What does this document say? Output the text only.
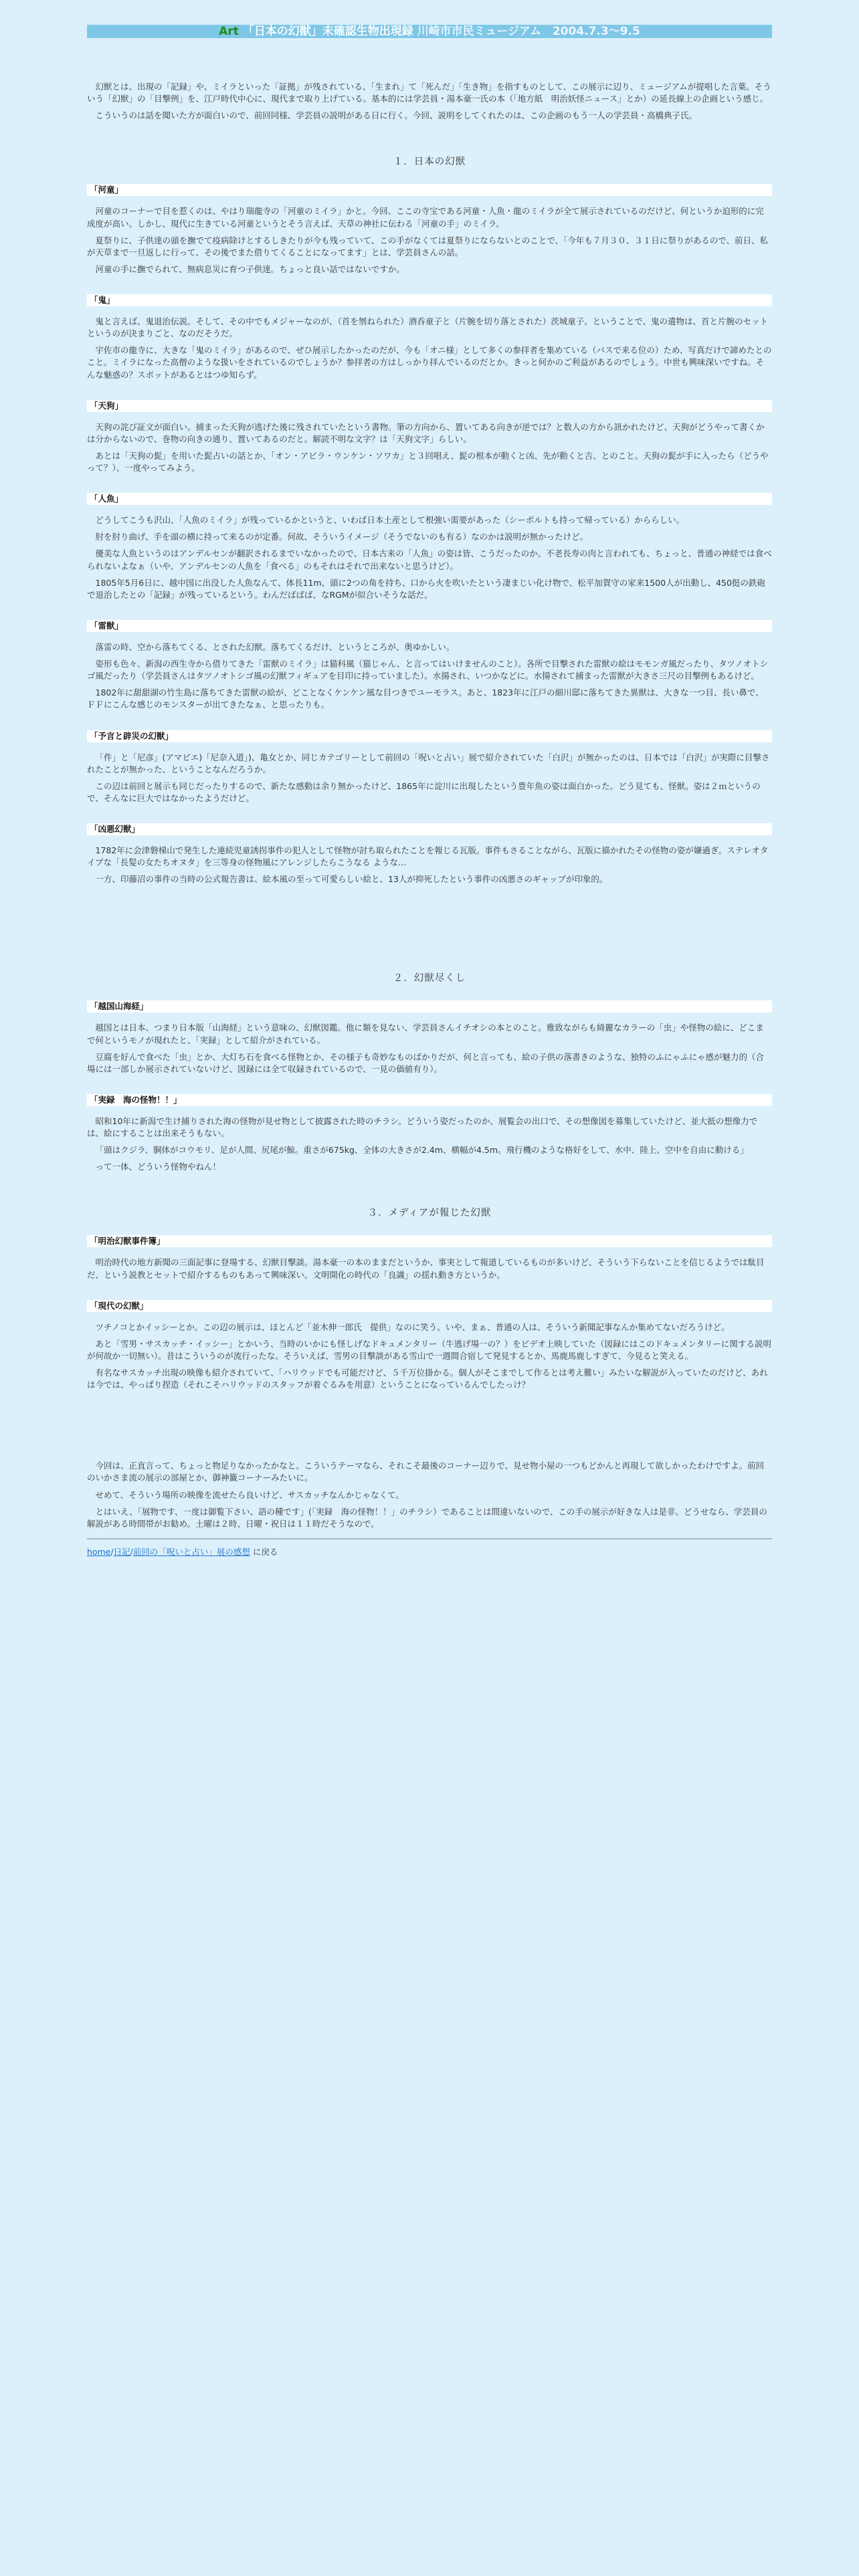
Art 「日本の幻獣」未確認生物出現録 川崎市市民ミュージアム　2004.7.3〜9.5

幻獣とは、出現の「記録」や、ミイラといった「証拠」が残されている、「生まれ」て「死んだ」「生き物」を指すものとして、この展示に辺り、ミュージアムが提唱した言葉。そういう「幻獣」の「目撃例」を、江戸時代中心に、現代まで取り上げている。基本的には学芸員・湯本豪一氏の本（「地方紙　明治妖怪ニュース」とか）の延長線上の企画という感じ。

こういうのは話を聞いた方が面白いので、前回同様、学芸員の説明がある日に行く。今回、説明をしてくれたのは、この企画のもう一人の学芸員・高橋典子氏。

１．日本の幻獣
「河童」

河童のコーナーで目を惹くのは、やはり瑞龍寺の「河童のミイラ」かと。今回、ここの寺宝である河童・人魚・龍のミイラが全て展示されているのだけど、何というか迫形的に完成度が高い。しかし、現代に生きている河童というとそう言えば、天草の神社に伝わる「河童の手」のミイラ。

夏祭りに、子供達の頭を撫でて疫病除けとするしきたりが今も残っていて、この手がなくては夏祭りにならないとのことで、「今年も７月３０、３１日に祭りがあるので、前日、私が天草まで一旦返しに行って、その後でまた借りてくることになってます」とは、学芸員さんの話。

河童の手に撫でられて、無病息災に育つ子供達。ちょっと良い話ではないですか。

「鬼」

鬼と言えば、鬼退治伝説。そして、その中でもメジャーなのが、（首を刎ねられた）酒呑童子と（片腕を切り落とされた）茨城童子。ということで、鬼の遺物は、首と片腕のセットというのが決まりごと、なのだそうだ。

宇佐市の龍寺に、大きな「鬼のミイラ」があるので、ぜひ展示したかったのだが、今も「オニ様」として多くの参拝者を集めている（バスで来る位の）ため、写真だけで諦めたとのこと。ミイラになった高僧のような扱いをされているのでしょうか？参拝者の方はしっかり拝んでいるのだとか。きっと何かのご利益があるのでしょう。中世も興味深いですね。そんな魅惑の？スポットがあるとはつゆ知らず。

「天狗」

天狗の詫び証文が面白い。捕まった天狗が逃げた後に残されていたという書物。筆の方向から、置いてある向きが逆では？と数人の方から訊かれたけど、天狗がどうやって書くかは分からないので、巻物の向きの通り、置いてあるのだと。解読不明な文字？は「天狗文字」らしい。

あとは「天狗の髭」を用いた髭占いの話とか、「オン・アビラ・ウンケン・ソワカ」と３回唱え、髭の根本が動くと凶、先が動くと吉、とのこと。天狗の髭が手に入ったら（どうやって？）、一度やってみよう。

「人魚」

どうしてこうも沢山、「人魚のミイラ」が残っているかというと、いわば日本土産として根強い需要があった（シーボルトも持って帰っている）かららしい。

肘を肘り曲げ、手を頭の横に持って来るのが定番。何故、そういうイメージ（そうでないのも有る）なのかは説明が無かったけど。

優美な人魚というのはアンデルセンが翻訳されるまでいなかったので、日本古来の「人魚」の姿は皆、こうだったのか。不老長寿の肉と言われても、ちょっと、普通の神経では食べられないよなぁ（いや、アンデルセンの人魚を「食べる」のもそれはそれで出来ないと思うけど）。

1805年5月6日に、越中国に出没した人魚なんて、体長11m、頭に2つの角を持ち、口から火を吹いたという凄まじい化け物で、松平加賀守の家来1500人が出動し、450挺の鉄砲で退治したとの「記録」が残っているという。わんだばばば、なRGMが似合いそうな話だ。

「雷獣」

落雷の時、空から落ちてくる、とされた幻獣。落ちてくるだけ、というところが、奥ゆかしい。

姿形も色々、新潟の西生寺から借りてきた「雷獣のミイラ」は猫科風（猫じゃん、と言ってはいけませんのこと）。各所で目撃された雷獣の絵はモモンガ風だったり、タツノオトシゴ風だったり（学芸員さんはタツノオトシゴ風の幻獣フィギュアを目印に持っていました）。水揚され、いつかなどに。水揚されて捕まった雷獣が大きさ三尺の目撃例もあるけど。

1802年に甜甜湖の竹生島に落ちてきた雷獣の絵が、どことなくケンケン風な目つきでユーモラス。あと、1823年に江戸の細川邸に落ちてきた異獣は、大きな一つ目、長い鼻で、ＦＦにこんな感じのモンスターが出てきたなぁ、と思ったりも。

「予言と辟災の幻獣」

「件」と「尼彦」(アマビエ)「尼奈入道」)、亀女とか、同じカテゴリーとして前回の「呪いと占い」展で紹介されていた「白沢」が無かったのは、日本では「白沢」が実際に目撃されたことが無かった、ということなんだろうか。

この辺は前回と展示も同じだったりするので、新たな感動は余り無かったけど、1865年に淀川に出現したという豊年魚の姿は面白かった。どう見ても、怪獣。姿は２ｍというので、そんなに巨大ではなかったようだけど。

「凶悪幻獣」

1782年に会津磐梯山で発生した連続児童誘拐事件の犯人として怪物が討ち取られたことを報じる瓦版。事件もさることながら、瓦版に描かれたその怪物の姿が嫌過ぎ。ステレオタイプな「長髪の女たちオヌタ」を三等身の怪物風にアレンジしたらこうなる ような…

一方、印藤沼の事件の当時の公式報告書は、絵本風の至って可愛らしい絵と、13人が抑死したという事件の凶悪さのギャップが印象的。

２．幻獣尽くし
「越国山海経」

越国とは日本、つまり日本版「山海経」という意味の、幻獣図鑑。他に類を見ない、学芸員さんイチオシの本とのこと。雅致ながらも綺麗なカラーの「虫」や怪物の絵に、どこまで何というモノが現れたと、「実録」として紹介がされている。

豆腐を好んで食べた「虫」とか、大灯ち石を食べる怪物とか、その様子も奇妙なものばかりだが、何と言っても、絵の子供の落書きのような、独特のふにゃふにゃ感が魅力的（合場には一部しか展示されていないけど、図録には全て収録されているので、一見の価値有り）。

「実録　海の怪物！！」

昭和10年に新潟で生け捕りされた海の怪物が見せ物として披露された時のチラシ。どういう姿だったのか、展覧会の出口で、その想像図を募集していたけど、並大抵の想像力では、絵にすることは出来そうもない。

「頭はクジラ、胴体がコウモリ、足が人間、尻尾が鯨。重さが675kg、全体の大きさが2.4m、横幅が4.5m。飛行機のような格好をして、水中、陸上、空中を自由に動ける」

って一体、どういう怪物やねん！

３．メディアが報じた幻獣
「明治幻獣事件簿」

明治時代の地方新聞の三面記事に登場する、幻獣目撃談。湯本豪一の本のままだというか、事実として報道しているものが多いけど、そういう下らないことを信じるようでは駄目だ、という説教とセットで紹介するものもあって興味深い。文明開化の時代の「良識」の揺れ動き方というか。

「現代の幻獣」

ツチノコとかイッシーとか。この辺の展示は、ほとんど「並木伸一郎氏　提供」なのに笑う。いや、まぁ、普通の人は、そういう新聞記事なんか集めてないだろうけど。

あと「雪男・サスカッチ・イッシー」とかいう、当時のいかにも怪しげなドキュメンタリー（牛逃げ場一の？）をビデオ上映していた（図録にはこのドキュメンタリーに関する説明が何故か一切無い）。昔はこういうのが流行ったな。そういえば、雪男の目撃談がある雪山で一週間合宿して発見するとか、馬鹿馬鹿しすぎて、今見ると笑える。

有名なサスカッチ出現の映像も紹介されていて、「ハリウッドでも可能だけど、５千万位掛かる。個人がそこまでして作るとは考え難い」みたいな解説が入っていたのだけど、あれは今では、やっぱり捏造（それこそハリウッドのスタッフが着ぐるみを用意）ということになっているんでしたっけ？

今回は、正直言って、ちょっと物足りなかったかなと。こういうテーマなら、それこそ最後のコーナー辺りで、見せ物小屋の一つもどかんと再現して欲しかったわけですよ。前回のいかさま流の展示の部屋とか、御神籤コーナーみたいに。

せめて、そういう場所の映像を流せたら良いけど、サスカッチなんかじゃなくて。

とはいえ、「展物です、一度は御覧下さい、語の種です」(「実録　海の怪物！！」のチラシ）であることは間違いないので、この手の展示が好きな人は是非。どうせなら、学芸員の解説がある時間帯がお勧め。土曜は２時、日曜・祝日は１１時だそうなので。

home/日記/前回の「呪いと占い」展の感想 に戻る
